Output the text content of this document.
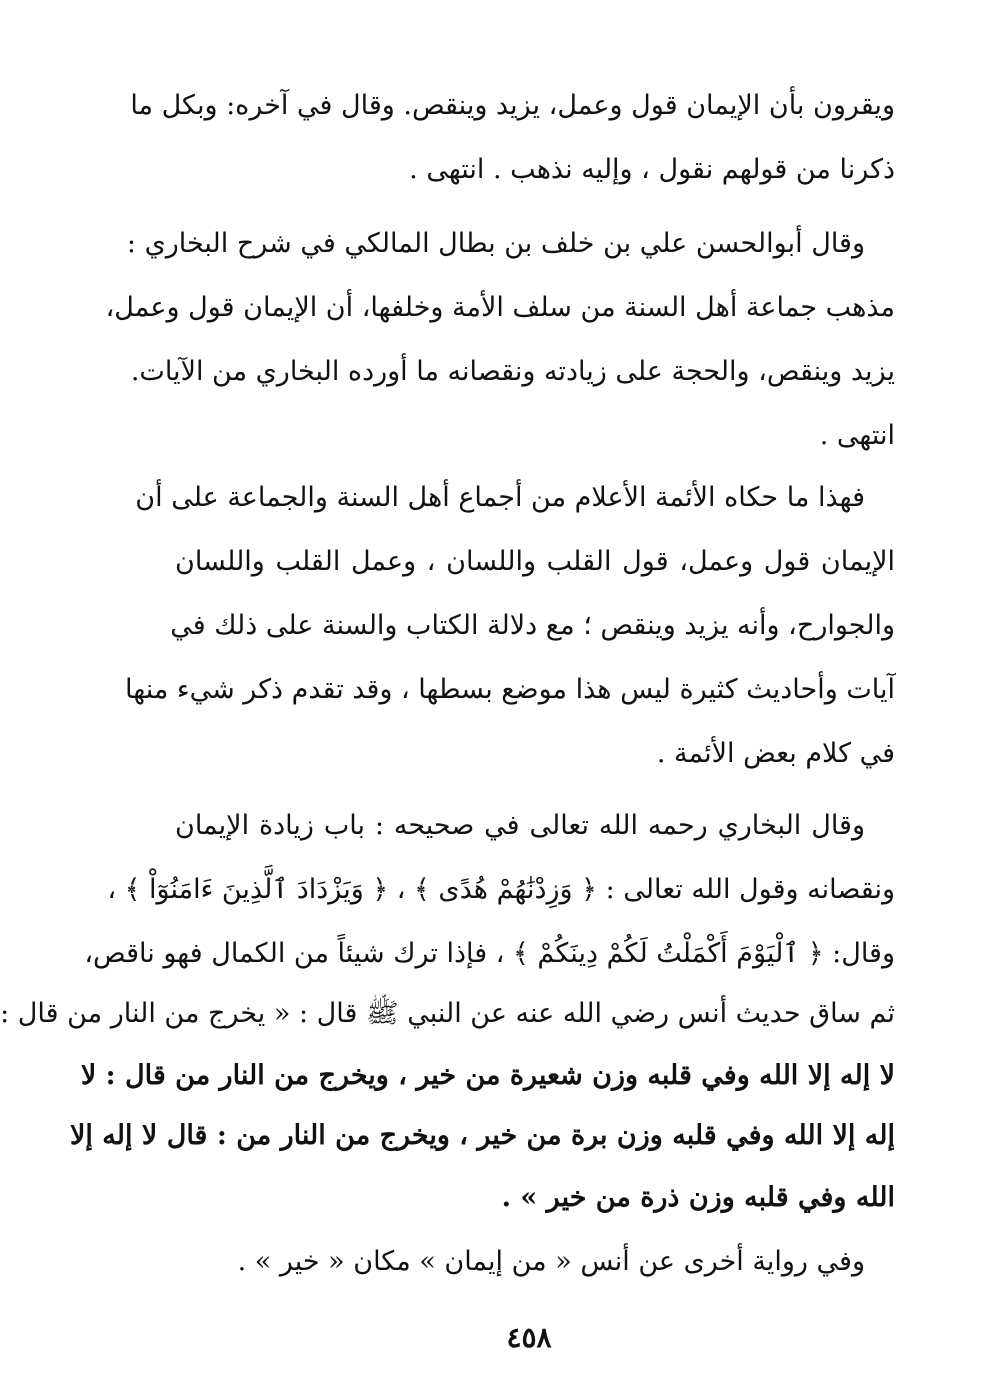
ويقرون بأن الإيمان قول وعمل، يزيد وينقص. وقال في آخره: وبكل ما
ذكرنا من قولهم نقول ، وإليه نذهب . انتهى .
وقال أبوالحسن علي بن خلف بن بطال المالكي في شرح البخاري :
مذهب جماعة أهل السنة من سلف الأمة وخلفها، أن الإيمان قول وعمل،
يزيد وينقص، والحجة على زيادته ونقصانه ما أورده البخاري من الآيات.
انتهى .
فهذا ما حكاه الأئمة الأعلام من أجماع أهل السنة والجماعة على أن
الإيمان قول وعمل، قول القلب واللسان ، وعمل القلب واللسان
والجوارح، وأنه يزيد وينقص ؛ مع دلالة الكتاب والسنة على ذلك في
آيات وأحاديث كثيرة ليس هذا موضع بسطها ، وقد تقدم ذكر شيء منها
في كلام بعض الأئمة .
وقال البخاري رحمه الله تعالى في صحيحه : باب زيادة الإيمان
ونقصانه وقول الله تعالى : ﴿ وَزِدْنَٰهُمْ هُدًى ﴾ ، ﴿ وَيَزْدَادَ ٱلَّذِينَ ءَامَنُوٓاْ ﴾ ،
وقال: ﴿ ٱلْيَوْمَ أَكْمَلْتُ لَكُمْ دِينَكُمْ ﴾ ، فإذا ترك شيئاً من الكمال فهو ناقص،
ثم ساق حديث أنس رضي الله عنه عن النبي ﷺ قال : « يخرج من النار من قال :
لا إله إلا الله وفي قلبه وزن شعيرة من خير ، ويخرج من النار من قال : لا
إله إلا الله وفي قلبه وزن برة من خير ، ويخرج من النار من : قال لا إله إلا
الله وفي قلبه وزن ذرة من خير » .
وفي رواية أخرى عن أنس « من إيمان » مكان « خير » .
٤٥٨
